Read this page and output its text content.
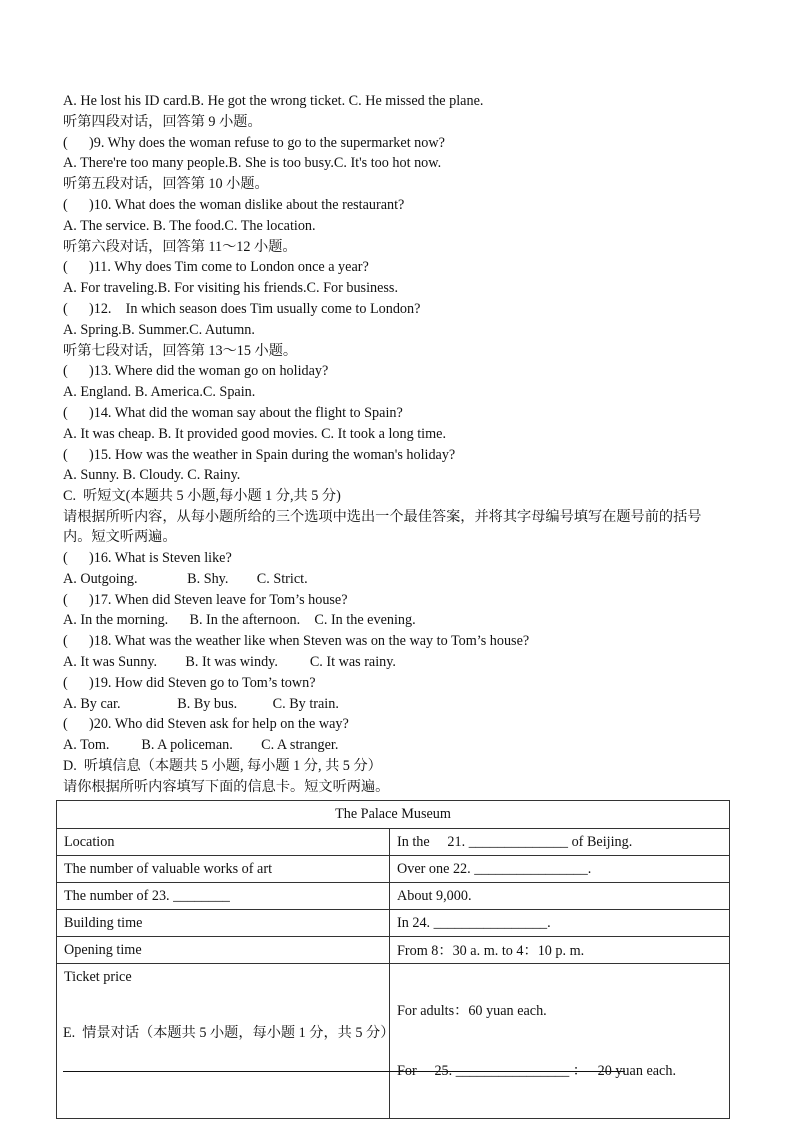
A. He lost his ID card.B. He got the wrong ticket. C. He missed the plane.
听第四段对话，回答第 9 小题。
(      )9. Why does the woman refuse to go to the supermarket now?
A. There're too many people.B. She is too busy.C. It's too hot now.
听第五段对话，回答第 10 小题。
(      )10. What does the woman dislike about the restaurant?
A. The service. B. The food.C. The location.
听第六段对话，回答第 11～12 小题。
(      )11. Why does Tim come to London once a year?
A. For traveling.B. For visiting his friends.C. For business.
(      )12.    In which season does Tim usually come to London?
A. Spring.B. Summer.C. Autumn.
听第七段对话，回答第 13～15 小题。
(      )13. Where did the woman go on holiday?
A. England. B. America.C. Spain.
(      )14. What did the woman say about the flight to Spain?
A. It was cheap. B. It provided good movies. C. It took a long time.
(      )15. How was the weather in Spain during the woman's holiday?
A. Sunny. B. Cloudy. C. Rainy.
C.  听短文(本题共 5 小题,每小题 1 分,共 5 分)
请根据所听内容，从每小题所给的三个选项中选出一个最佳答案，并将其字母编号填写在题号前的括号内。短文听两遍。
(      )16. What is Steven like?
A. Outgoing.              B. Shy.        C. Strict.
(      )17. When did Steven leave for Tom’s house?
A. In the morning.      B. In the afternoon.    C. In the evening.
(      )18. What was the weather like when Steven was on the way to Tom’s house?
A. It was Sunny.        B. It was windy.         C. It was rainy.
(      )19. How did Steven go to Tom’s town?
A. By car.                B. By bus.          C. By train.
(      )20. Who did Steven ask for help on the way?
A. Tom.         B. A policeman.        C. A stranger.
D.  听填信息（本题共 5 小题, 每小题 1 分, 共 5 分）
请你根据所听内容填写下面的信息卡。短文听两遍。
The Palace Museum	
Location	In the     21. ______________ of Beijing.
The number of valuable works of art	Over one 22. ________________.
The number of 23. ________	About 9,000.
Building time	In 24. ________________.
Opening time	From 8：30 a. m. to 4：10 p. m.

Ticket price	For adults：60 yuan each.

For     25. ________________ ：   20 yuan each.

E.  情景对话（本题共 5 小题，每小题 1 分，共 5 分）
